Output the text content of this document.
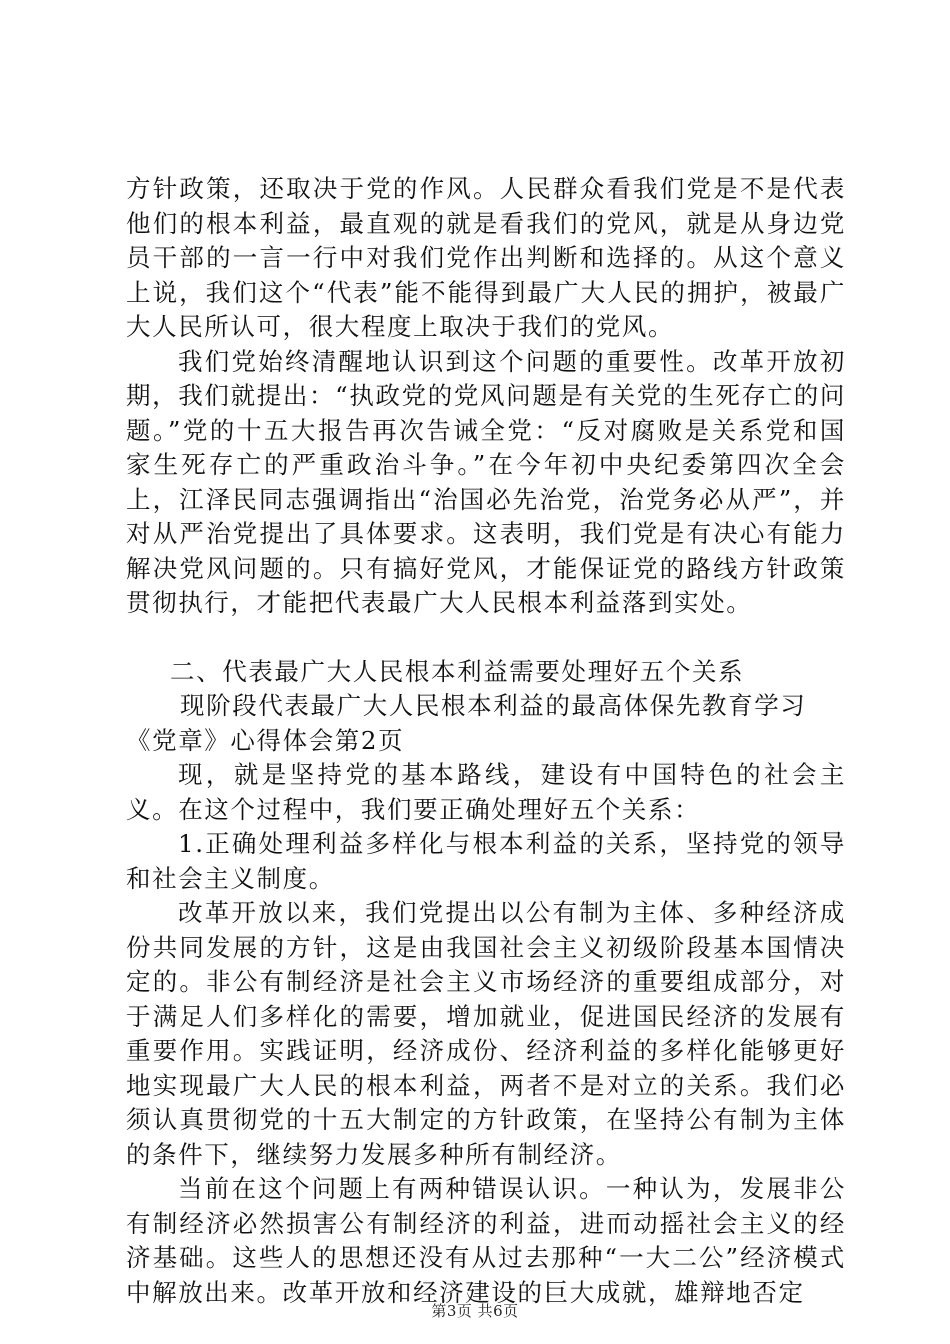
方针政策，还取决于党的作风。人民群众看我们党是不是代表他们的根本利益，最直观的就是看我们的党风，就是从身边党员干部的一言一行中对我们党作出判断和选择的。从这个意义上说，我们这个“代表”能不能得到最广大人民的拥护，被最广大人民所认可，很大程度上取决于我们的党风。

我们党始终清醒地认识到这个问题的重要性。改革开放初期，我们就提出：“执政党的党风问题是有关党的生死存亡的问题。”党的十五大报告再次告诫全党：“反对腐败是关系党和国家生死存亡的严重政治斗争。”在今年初中央纪委第四次全会上，江泽民同志强调指出“治国必先治党，治党务必从严”，并对从严治党提出了具体要求。这表明，我们党是有决心有能力解决党风问题的。只有搞好党风，才能保证党的路线方针政策贯彻执行，才能把代表最广大人民根本利益落到实处。

二、代表最广大人民根本利益需要处理好五个关系

现阶段代表最广大人民根本利益的最高体保先教育学习

《党章》心得体会第2页

现，就是坚持党的基本路线，建设有中国特色的社会主义。在这个过程中，我们要正确处理好五个关系：

1.正确处理利益多样化与根本利益的关系，坚持党的领导和社会主义制度。

改革开放以来，我们党提出以公有制为主体、多种经济成份共同发展的方针，这是由我国社会主义初级阶段基本国情决定的。非公有制经济是社会主义市场经济的重要组成部分，对于满足人们多样化的需要，增加就业，促进国民经济的发展有重要作用。实践证明，经济成份、经济利益的多样化能够更好地实现最广大人民的根本利益，两者不是对立的关系。我们必须认真贯彻党的十五大制定的方针政策，在坚持公有制为主体的条件下，继续努力发展多种所有制经济。

当前在这个问题上有两种错误认识。一种认为，发展非公有制经济必然损害公有制经济的利益，进而动摇社会主义的经济基础。这些人的思想还没有从过去那种“一大二公”经济模式中解放出来。改革开放和经济建设的巨大成就，雄辩地否定

第3页 共6页
